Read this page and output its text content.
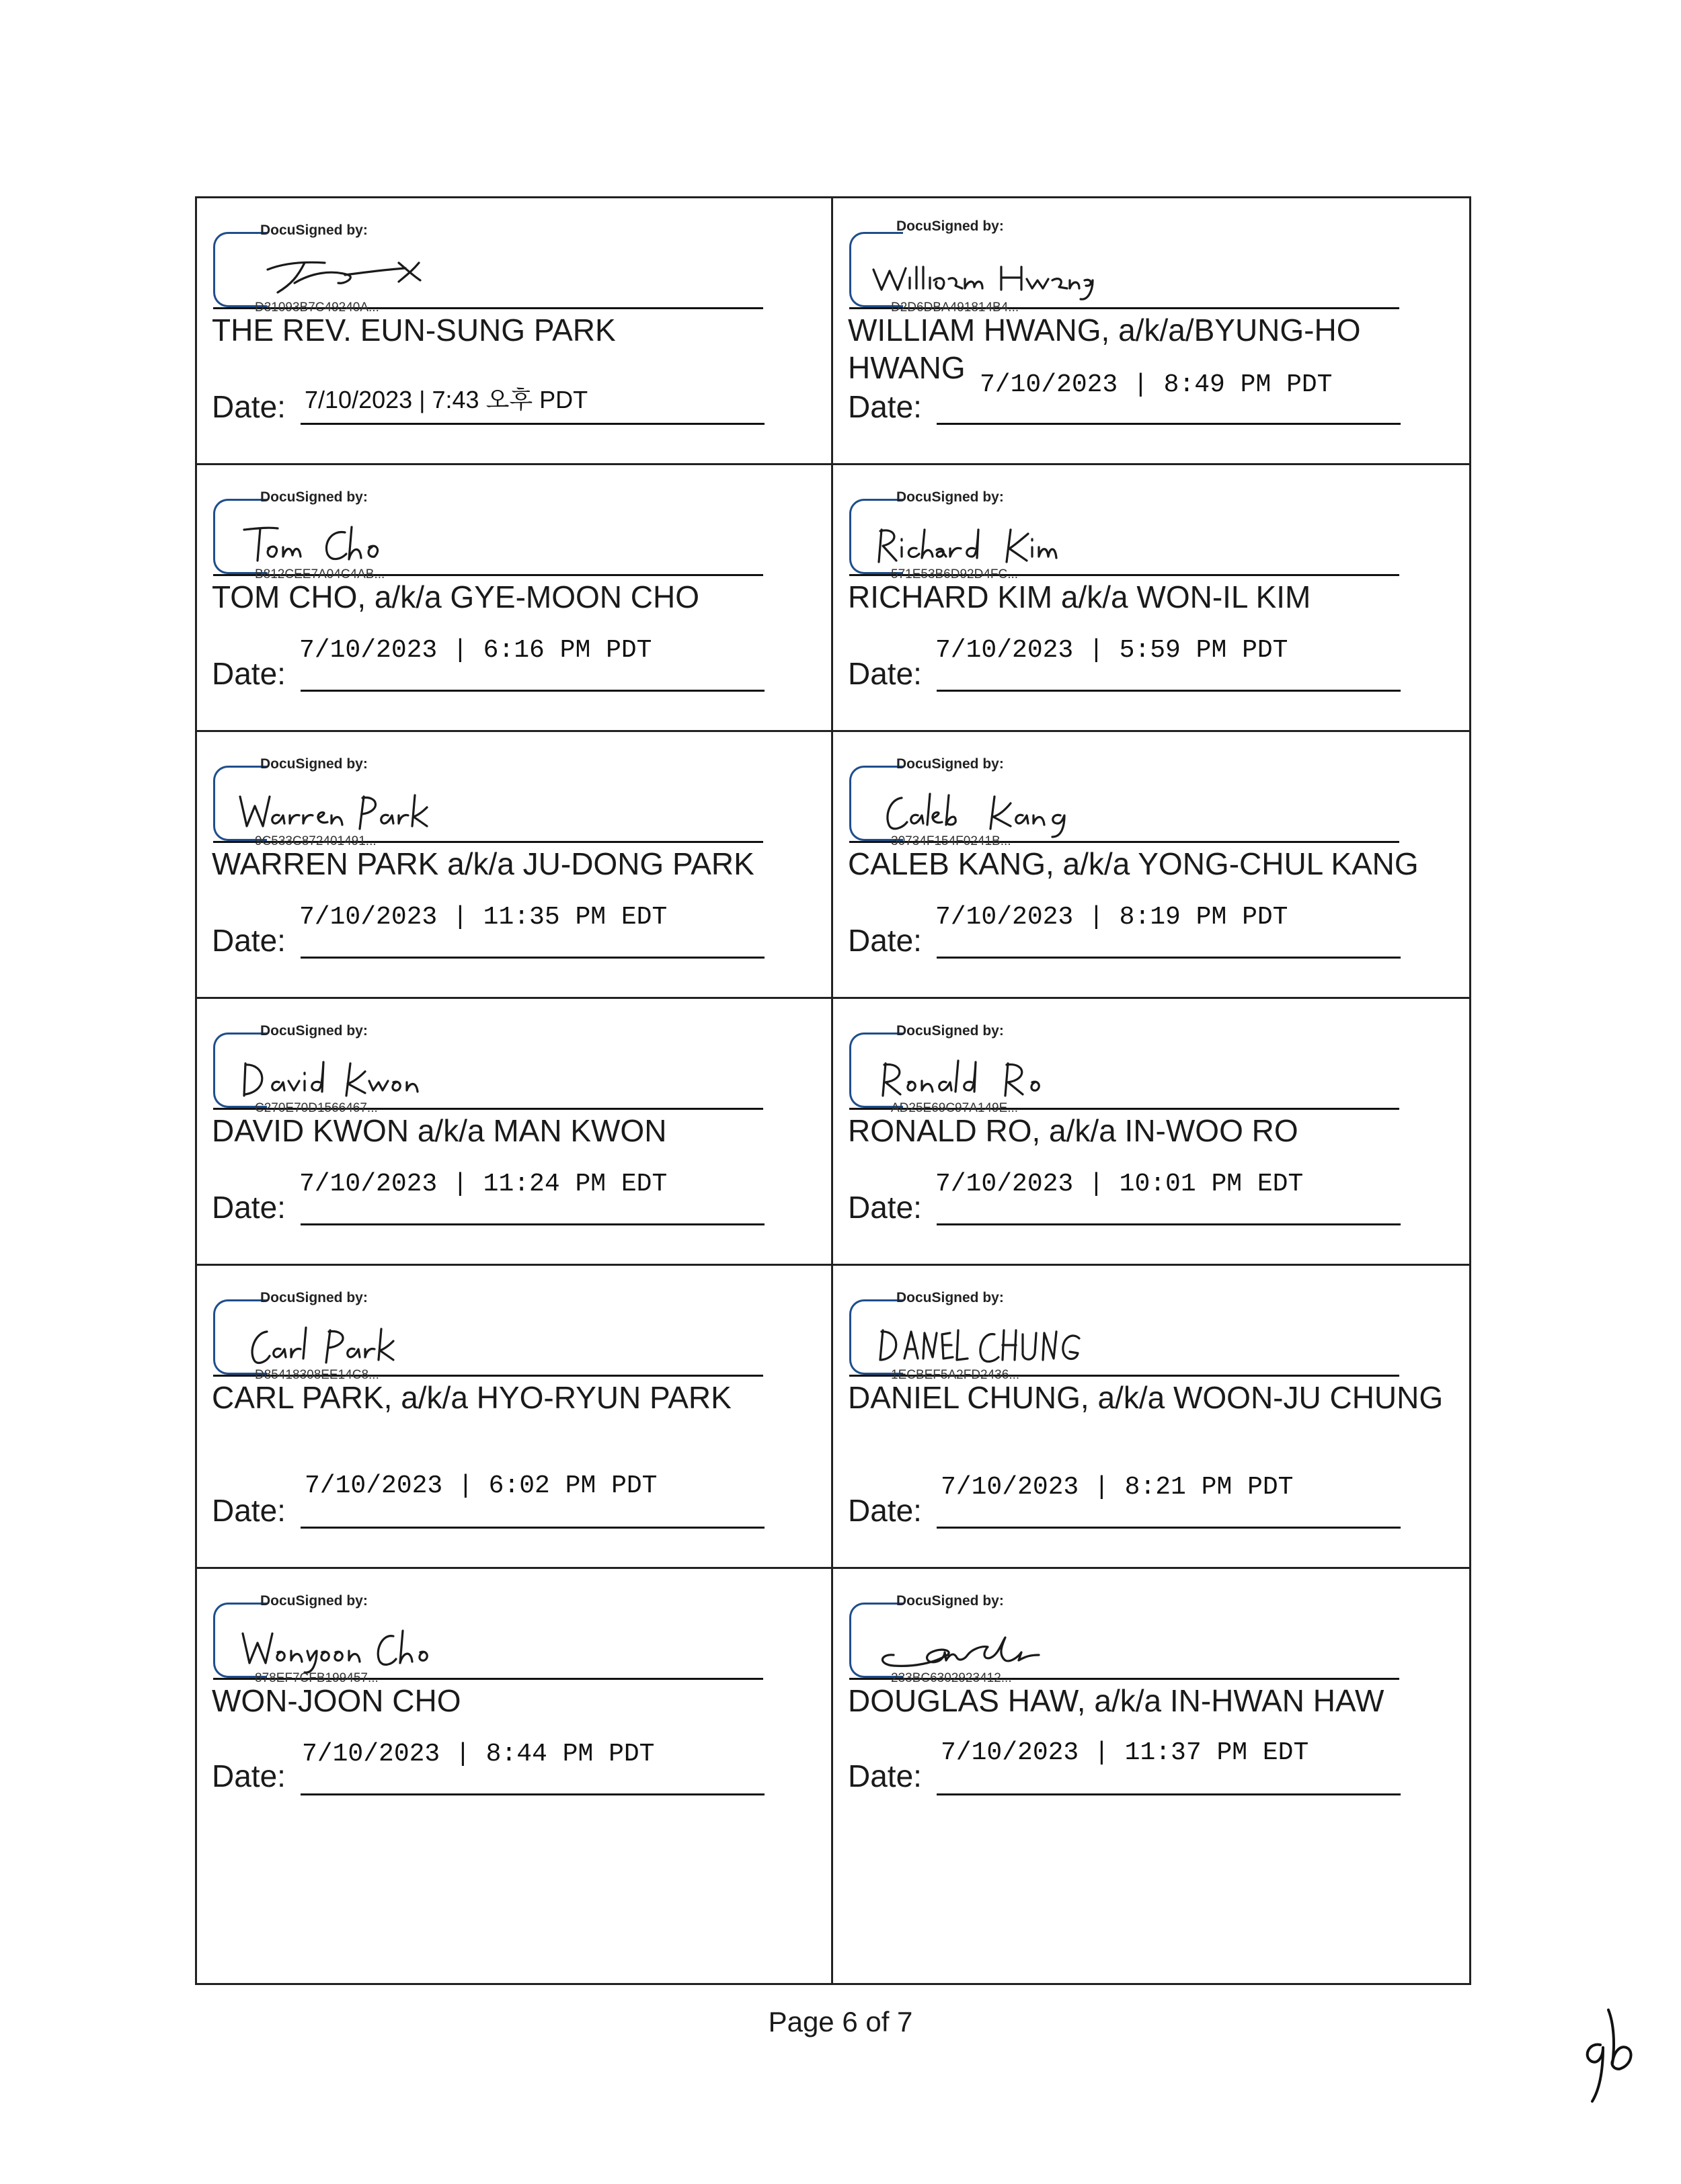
DocuSigned by:
D31093B7C49240A...
THE REV. EUN-SUNG PARK
Date: 7/10/2023 | 7:43 오후 PDT
DocuSigned by:
D2D6DBA491814B4...
WILLIAM HWANG, a/k/a/BYUNG-HO HWANG
Date:
7/10/2023 | 8:49 PM PDT
DocuSigned by:
B812CEE7A04C4AB...
TOM CHO, a/k/a GYE-MOON CHO
Date:
7/10/2023 | 6:16 PM PDT
DocuSigned by:
571E53B6D92D4FC...
RICHARD KIM a/k/a WON-IL KIM
Date:
7/10/2023 | 5:59 PM PDT
DocuSigned by:
9C533C872401491...
WARREN PARK a/k/a JU-DONG PARK
Date:
7/10/2023 | 11:35 PM EDT
DocuSigned by:
30734F154F0241B...
CALEB KANG, a/k/a YONG-CHUL KANG
Date:
7/10/2023 | 8:19 PM PDT
DocuSigned by:
C270E70D1566467...
DAVID KWON a/k/a MAN KWON
Date:
7/10/2023 | 11:24 PM EDT
DocuSigned by:
AD25E69C97A149E...
RONALD RO, a/k/a IN-WOO RO
Date:
7/10/2023 | 10:01 PM EDT
DocuSigned by:
D85418308EE14C8...
CARL PARK, a/k/a HYO-RYUN PARK
Date:
7/10/2023 | 6:02 PM PDT
DocuSigned by:
1ECBEF5A2FD2436...
DANIEL CHUNG, a/k/a WOON-JU CHUNG
Date:
7/10/2023 | 8:21 PM PDT
DocuSigned by:
878EF7CFB199457...
WON-JOON CHO
Date:
7/10/2023 | 8:44 PM PDT
DocuSigned by:
233BC6302923412...
DOUGLAS HAW, a/k/a IN-HWAN HAW
Date:
7/10/2023 | 11:37 PM EDT
Page 6 of 7
